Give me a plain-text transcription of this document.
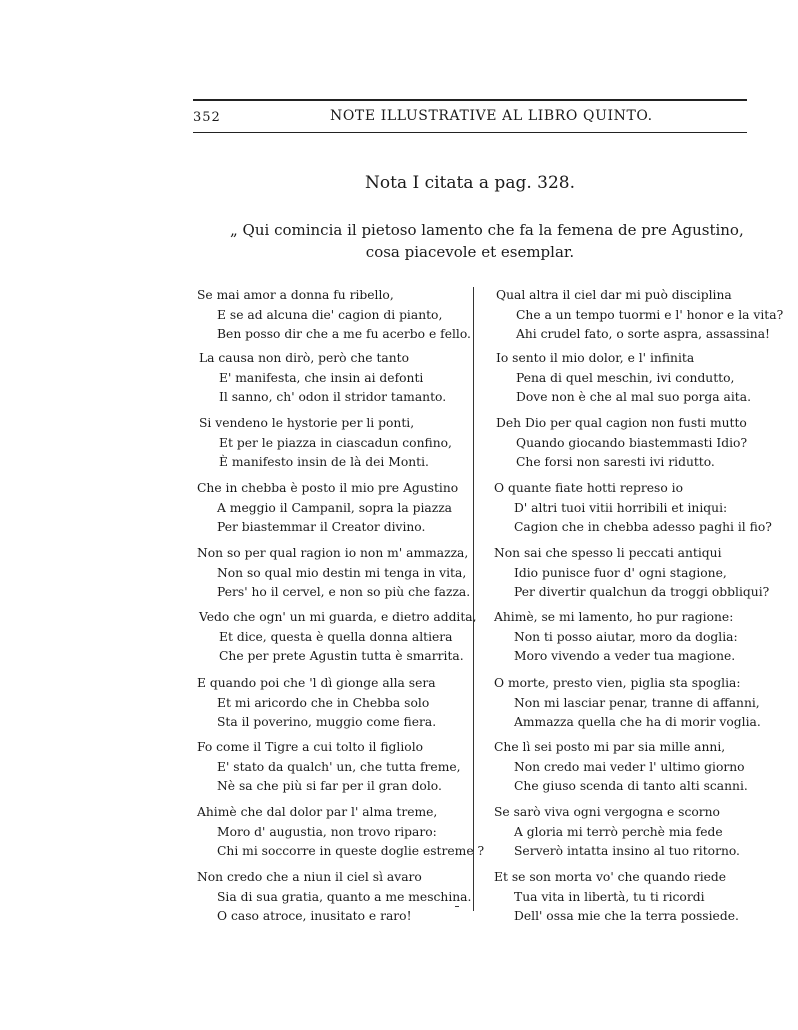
352	NOTE ILLUSTRATIVE AL LIBRO QUINTO.
Nota I citata a pag. 328.
„ Qui comincia il pietoso lamento che fa la femena de pre Agustino,
cosa piacevole et esemplar.
Se mai amor a donna fu ribello,
E se ad alcuna die' cagion di pianto,
Ben posso dir che a me fu acerbo e fello.
La causa non dirò, però che tanto
E' manifesta, che insin ai defonti
Il sanno, ch' odon il stridor tamanto.
Si vendeno le hystorie per li ponti,
Et per le piazza in ciascadun confino,
È manifesto insin de là dei Monti.
Che in chebba è posto il mio pre Agustino
A meggio il Campanil, sopra la piazza
Per biastemmar il Creator divino.
Non so per qual ragion io non m' ammazza,
Non so qual mio destin mi tenga in vita,
Pers' ho il cervel, e non so più che fazza.
Vedo che ogn' un mi guarda, e dietro addita,
Et dice, questa è quella donna altiera
Che per prete Agustin tutta è smarrita.
E quando poi che 'l dì gionge alla sera
Et mi aricordo che in Chebba solo
Sta il poverino, muggio come fiera.
Fo come il Tigre a cui tolto il figliolo
E' stato da qualch' un, che tutta freme,
Nè sa che più si far per il gran dolo.
Ahimè che dal dolor par l' alma treme,
Moro d' augustia, non trovo riparo:
Chi mi soccorre in queste doglie estreme ?
Non credo che a niun il ciel sì avaro
Sia di sua gratia, quanto a me meschina.
O caso atroce, inusitato e raro!
Qual altra il ciel dar mi può disciplina
Che a un tempo tuormi e l' honor e la vita?
Ahi crudel fato, o sorte aspra, assassina!
Io sento il mio dolor, e l' infinita
Pena di quel meschin, ivi condutto,
Dove non è che al mal suo porga aita.
Deh Dio per qual cagion non fusti mutto
Quando giocando biastemmasti Idio?
Che forsi non saresti ivi ridutto.
O quante fiate hotti represo io
D' altri tuoi vitii horribili et iniqui:
Cagion che in chebba adesso paghi il fio?
Non sai che spesso li peccati antiqui
Idio punisce fuor d' ogni stagione,
Per divertir qualchun da troggi obbliqui?
Ahimè, se mi lamento, ho pur ragione:
Non ti posso aiutar, moro da doglia:
Moro vivendo a veder tua magione.
O morte, presto vien, piglia sta spoglia:
Non mi lasciar penar, tranne di affanni,
Ammazza quella che ha di morir voglia.
Che lì sei posto mi par sia mille anni,
Non credo mai veder l' ultimo giorno
Che giuso scenda di tanto alti scanni.
Se sarò viva ogni vergogna e scorno
A gloria mi terrò perchè mia fede
Serverò intatta insino al tuo ritorno.
Et se son morta vo' che quando riede
Tua vita in libertà, tu ti ricordi
Dell' ossa mie che la terra possiede.
